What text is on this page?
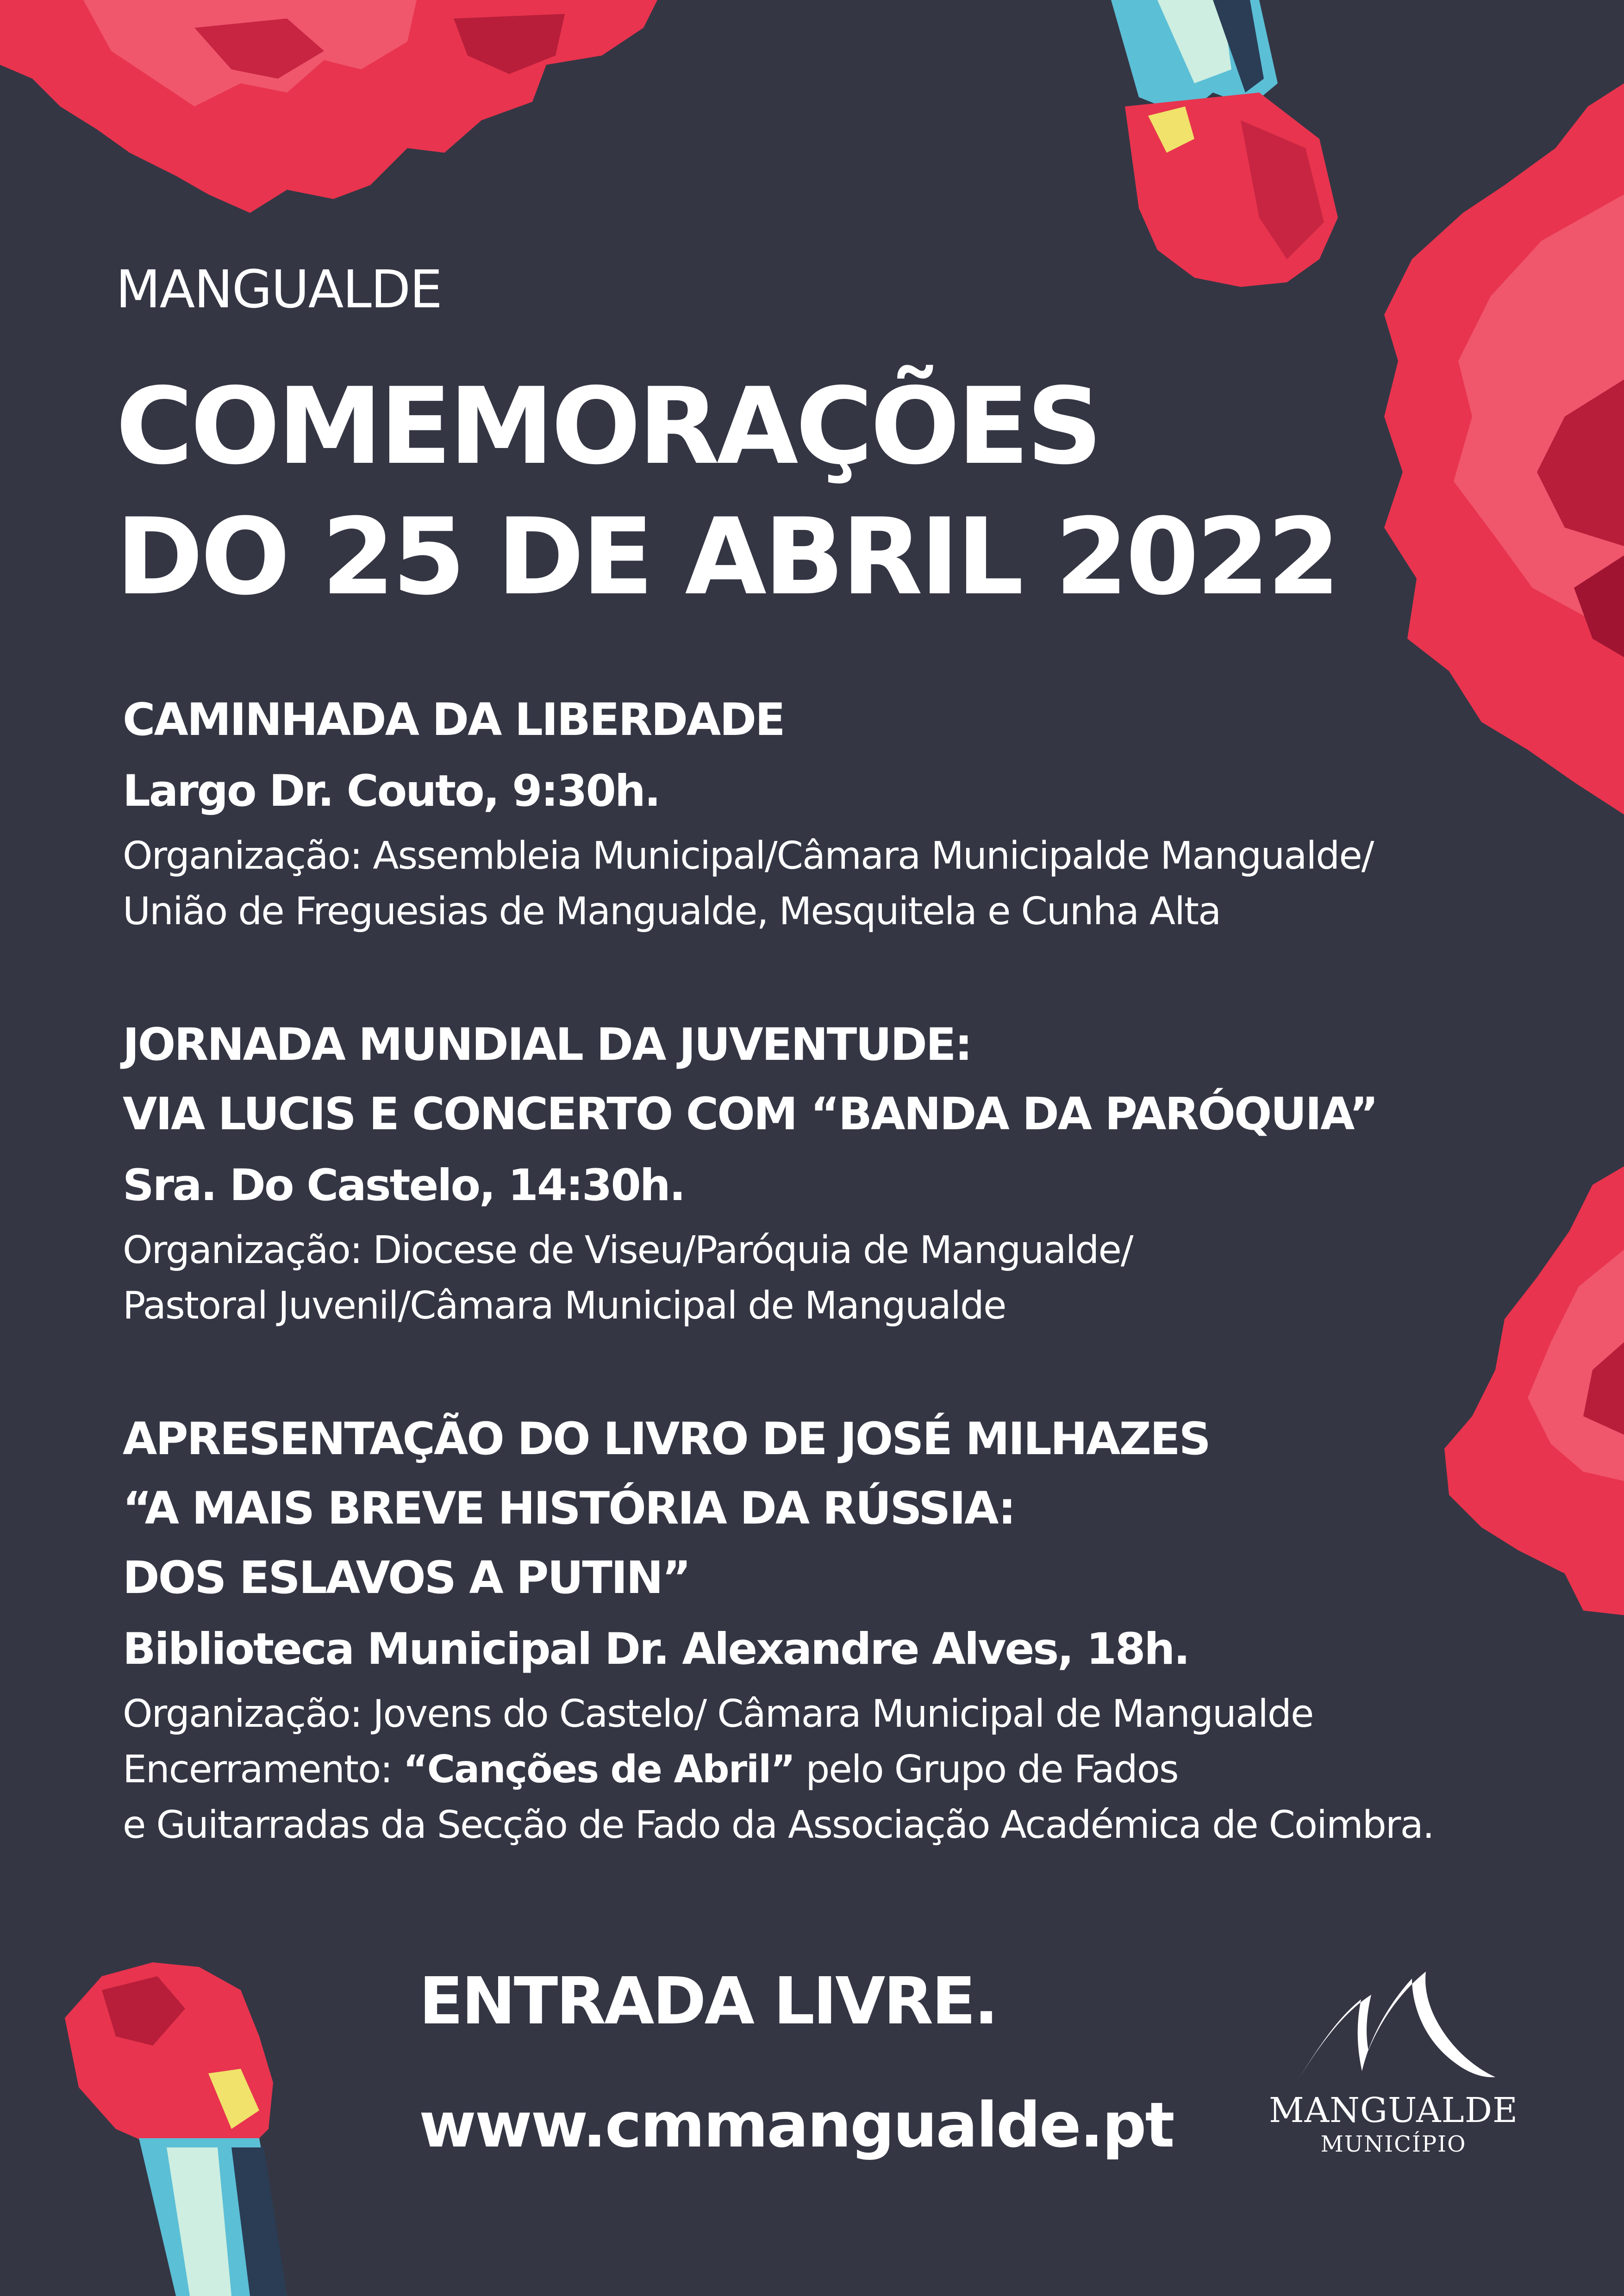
MANGUALDE
COMEMORAÇÕES
DO 25 DE ABRIL 2022
CAMINHADA DA LIBERDADE
Largo Dr. Couto, 9:30h.
Organização: Assembleia Municipal/Câmara Municipalde Mangualde/
União de Freguesias de Mangualde, Mesquitela e Cunha Alta
JORNADA MUNDIAL DA JUVENTUDE:
VIA LUCIS E CONCERTO COM “BANDA DA PARÓQUIA”
Sra. Do Castelo, 14:30h.
Organização: Diocese de Viseu/Paróquia de Mangualde/
Pastoral Juvenil/Câmara Municipal de Mangualde
APRESENTAÇÃO DO LIVRO DE JOSÉ MILHAZES
“A MAIS BREVE HISTÓRIA DA RÚSSIA:
DOS ESLAVOS A PUTIN”
Biblioteca Municipal Dr. Alexandre Alves, 18h.
Organização: Jovens do Castelo/ Câmara Municipal de Mangualde
Encerramento: “Canções de Abril” pelo Grupo de Fados
e Guitarradas da Secção de Fado da Associação Académica de Coimbra.
ENTRADA LIVRE.
www.cmmangualde.pt	MANGUALDE
MUNICÍPIO
